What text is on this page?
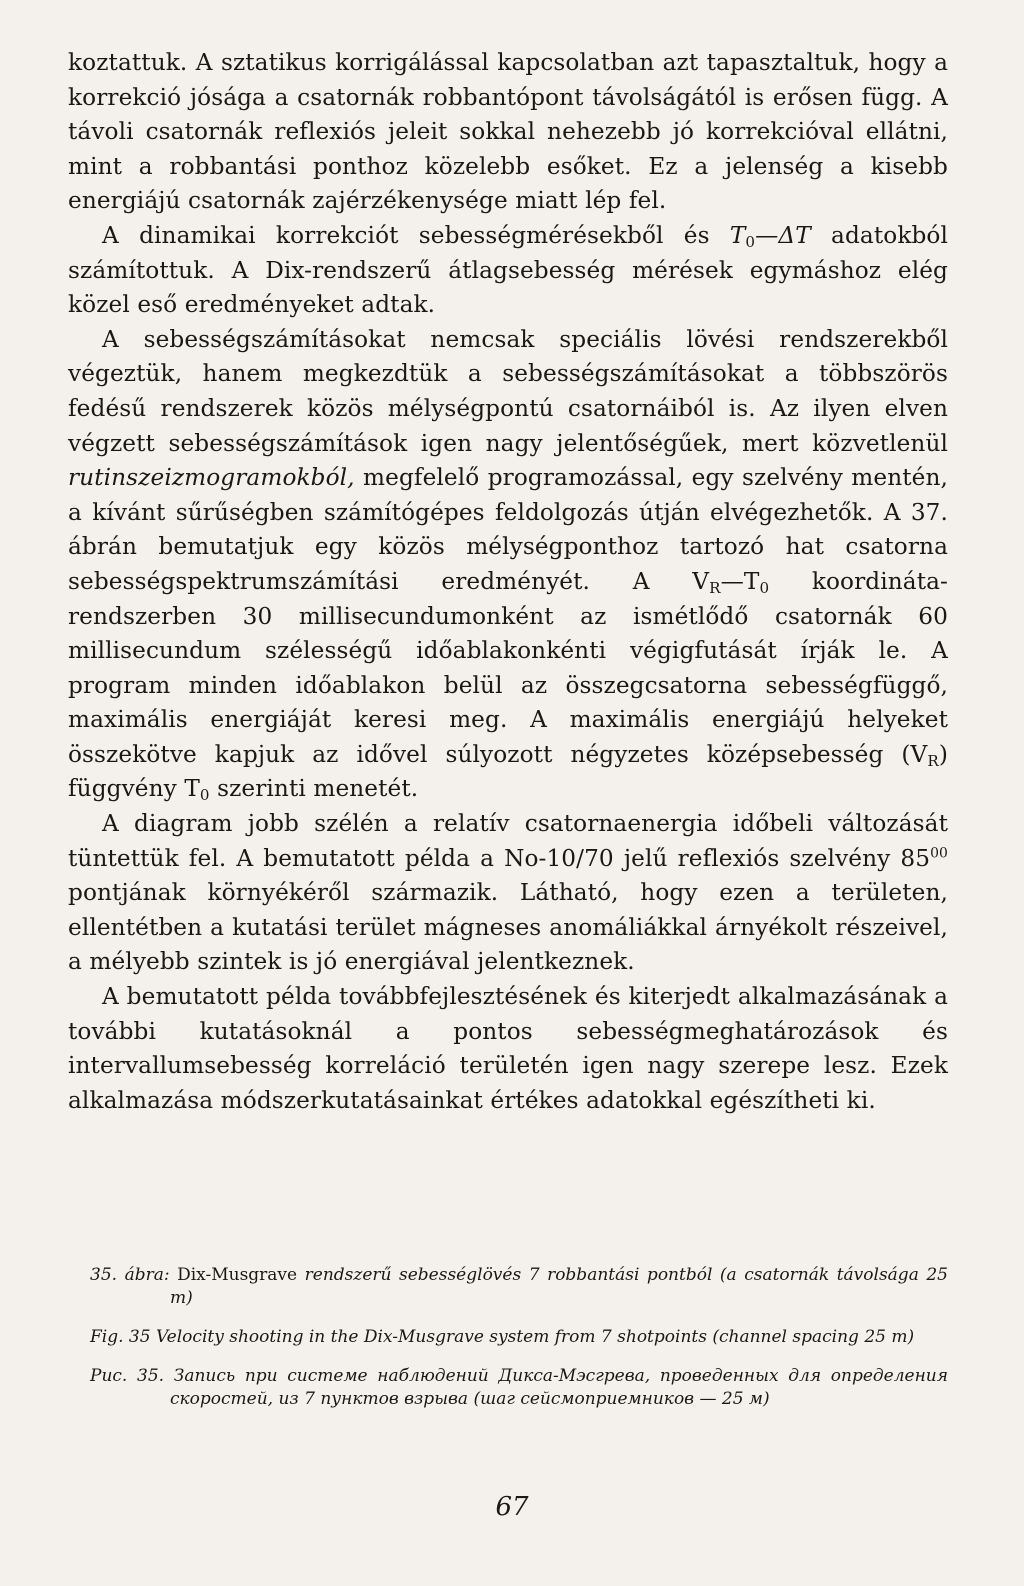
koztattuk. A sztatikus korrigálással kapcsolatban azt tapasztaltuk, hogy a korrekció jósága a csatornák robbantópont távolságától is erősen függ. A távoli csatornák reflexiós jeleit sokkal nehezebb jó korrekcióval ellátni, mint a robbantási ponthoz közelebb esőket. Ez a jelenség a kisebb energiájú csatornák zajérzékenysége miatt lép fel.

A dinamikai korrekciót sebességmérésekből és $T_0—\Delta T$ adatokból számítottuk. A Dix-rendszerű átlagsebesség mérések egymáshoz elég közel eső eredményeket adtak.

A sebességszámításokat nemcsak speciális lövési rendszerekből végeztük, hanem megkezdtük a sebességszámításokat a többszörös fedésű rendszerek közös mélységpontú csatornáiból is. Az ilyen elven végzett sebességszámítások igen nagy jelentőségűek, mert közvetlenül rutinszeizmogramokból, megfelelő programozással, egy szelvény mentén, a kívánt sűrűségben számítógépes feldolgozás útján elvégezhetők. A 37. ábrán bemutatjuk egy közös mélységponthoz tartozó hat csatorna sebességspektrumszámítási eredményét. A $V_R—T_0$ koordináta-rendszerben 30 millisecundumonként az ismétlődő csatornák 60 millisecundum szélességű időablakonkénti végigfutását írják le. A program minden időablakon belül az összegcsatorna sebességfüggő, maximális energiáját keresi meg. A maximális energiájú helyeket összekötve kapjuk az idővel súlyozott négyzetes középsebesség $(V_R)$ függvény $T_0$ szerinti menetét.

A diagram jobb szélén a relatív csatornaenergia időbeli változását tüntettük fel. A bemutatott példa a No-10/70 jelű reflexiós szelvény $85^{00}$ pontjának környékéről származik. Látható, hogy ezen a területen, ellentétben a kutatási terület mágneses anomáliákkal árnyékolt részeivel, a mélyebb szintek is jó energiával jelentkeznek.

A bemutatott példa továbbfejlesztésének és kiterjedt alkalmazásának a további kutatásoknál a pontos sebességmeghatározások és intervallumsebesség korreláció területén igen nagy szerepe lesz. Ezek alkalmazása módszerkutatásainkat értékes adatokkal egészítheti ki.

35. ábra: Dix-Musgrave rendszerű sebességlövés 7 robbantási pontból (a csatornák távolsága 25 m)

Fig. 35 Velocity shooting in the Dix-Musgrave system from 7 shotpoints (channel spacing 25 m)

Рис. 35. Запись при системе наблюдений Дикса-Мэсгрева, проведенных для определения скоростей, из 7 пунктов взрыва (шаг сейсмоприемников — 25 м)

67
